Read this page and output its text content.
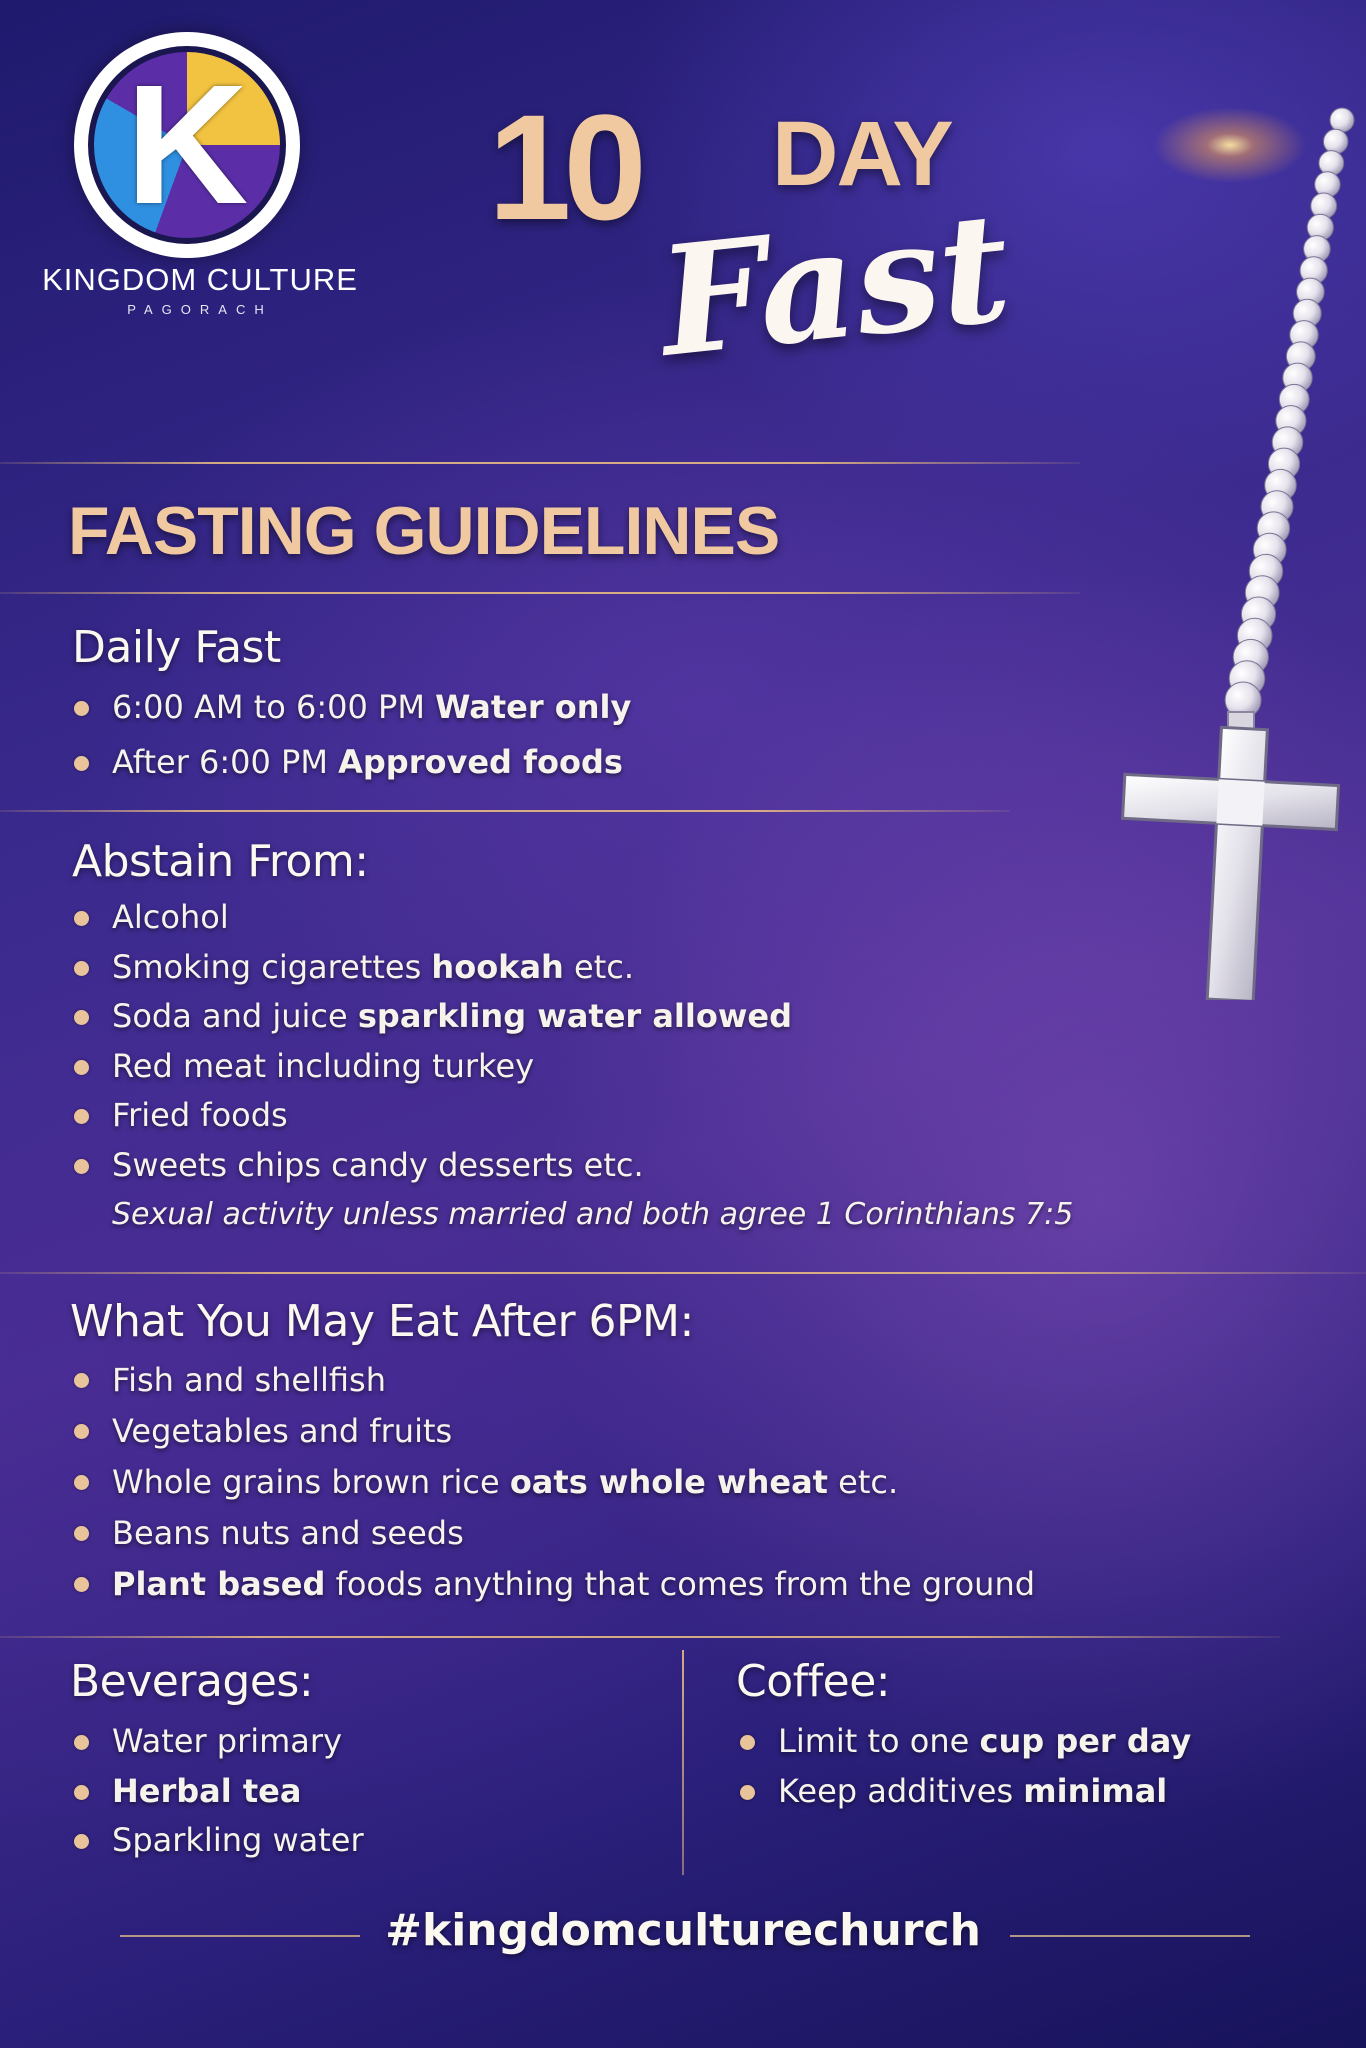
K
KINGDOM CULTURE
PAGORACH
10 DAY
Fast
FASTING GUIDELINES
Daily Fast
6:00 AM to 6:00 PM Water only
After 6:00 PM Approved foods
Abstain From:
Alcohol
Smoking cigarettes hookah etc.
Soda and juice sparkling water allowed
Red meat including turkey
Fried foods
Sweets chips candy desserts etc.
Sexual activity unless married and both agree 1 Corinthians 7:5
What You May Eat After 6PM:
Fish and shellfish
Vegetables and fruits
Whole grains brown rice oats whole wheat etc.
Beans nuts and seeds
Plant based foods anything that comes from the ground
Beverages:
Water primary
Herbal tea
Sparkling water
Coffee:
Limit to one cup per day
Keep additives minimal
#kingdomculturechurch
